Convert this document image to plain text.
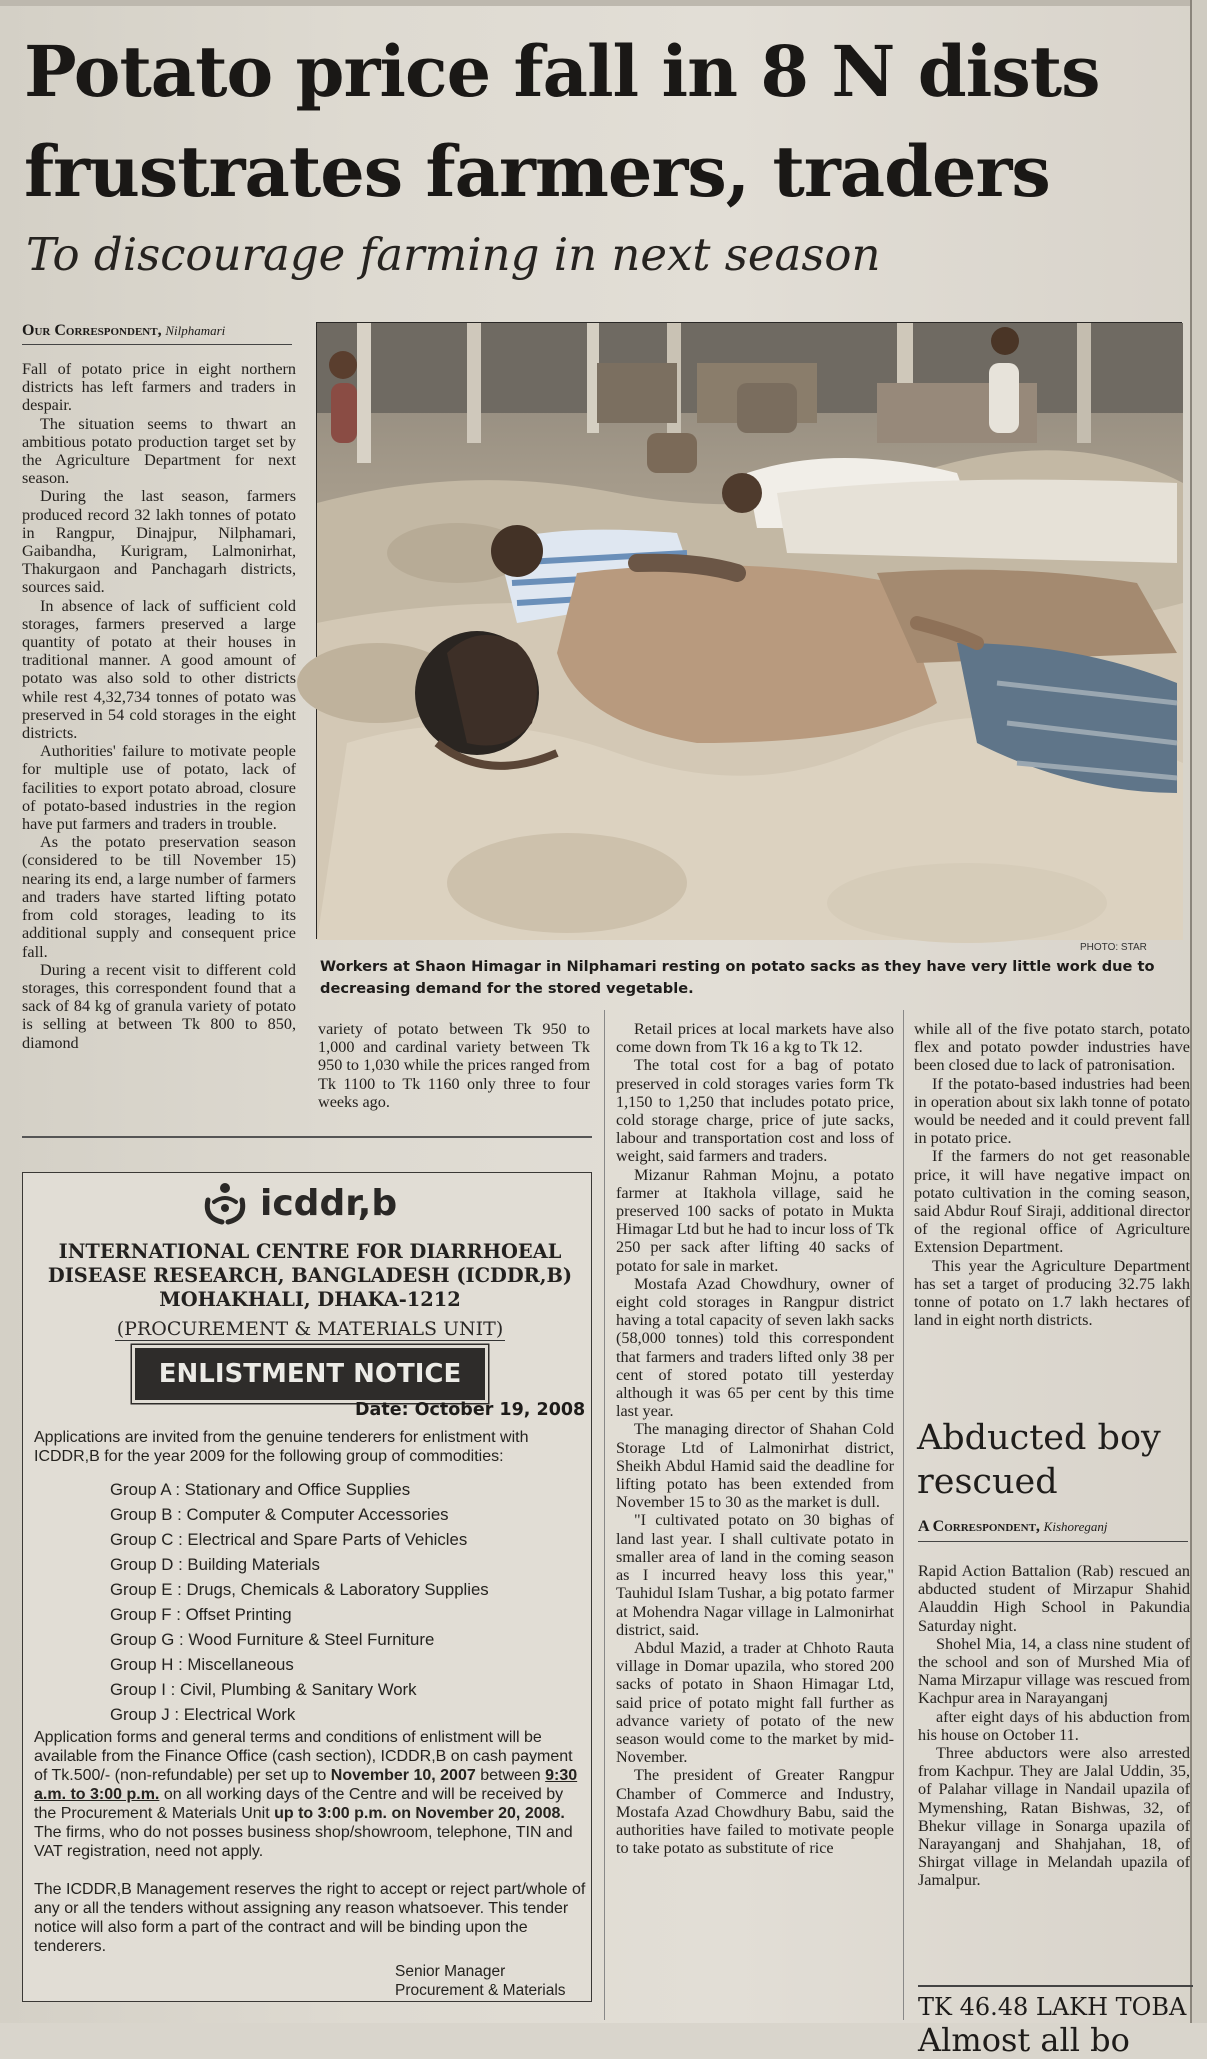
Potato price fall in 8 N dists
frustrates farmers, traders
To discourage farming in next season
Our Correspondent, Nilphamari

Fall of potato price in eight northern districts has left farmers and traders in despair.

The situation seems to thwart an ambitious potato production target set by the Agriculture Department for next season.

During the last season, farmers produced record 32 lakh tonnes of potato in Rangpur, Dinajpur, Nilphamari, Gaibandha, Kurigram, Lalmonirhat, Thakurgaon and Panchagarh districts, sources said.

In absence of lack of sufficient cold storages, farmers preserved a large quantity of potato at their houses in traditional manner. A good amount of potato was also sold to other districts while rest 4,32,734 tonnes of potato was preserved in 54 cold storages in the eight districts.

Authorities' failure to motivate people for multiple use of potato, lack of facilities to export potato abroad, closure of potato-based industries in the region have put farmers and traders in trouble.

As the potato preservation season (considered to be till November 15) nearing its end, a large number of farmers and traders have started lifting potato from cold storages, leading to its additional supply and consequent price fall.

During a recent visit to different cold storages, this correspondent found that a sack of 84 kg of granula variety of potato is selling at between Tk 800 to 850, diamond

PHOTO: STAR
Workers at Shaon Himagar in Nilphamari resting on potato sacks as they have very little work due to decreasing demand for the stored vegetable.

variety of potato between Tk 950 to 1,000 and cardinal variety between Tk 950 to 1,030 while the prices ranged from Tk 1100 to Tk 1160 only three to four weeks ago.

Retail prices at local markets have also come down from Tk 16 a kg to Tk 12.

The total cost for a bag of potato preserved in cold storages varies form Tk 1,150 to 1,250 that includes potato price, cold storage charge, price of jute sacks, labour and transportation cost and loss of weight, said farmers and traders.

Mizanur Rahman Mojnu, a potato farmer at Itakhola village, said he preserved 100 sacks of potato in Mukta Himagar Ltd but he had to incur loss of Tk 250 per sack after lifting 40 sacks of potato for sale in market.

Mostafa Azad Chowdhury, owner of eight cold storages in Rangpur district having a total capacity of seven lakh sacks (58,000 tonnes) told this correspondent that farmers and traders lifted only 38 per cent of stored potato till yesterday although it was 65 per cent by this time last year.

The managing director of Shahan Cold Storage Ltd of Lalmonirhat district, Sheikh Abdul Hamid said the deadline for lifting potato has been extended from November 15 to 30 as the market is dull.

"I cultivated potato on 30 bighas of land last year. I shall cultivate potato in smaller area of land in the coming season as I incurred heavy loss this year," Tauhidul Islam Tushar, a big potato farmer at Mohendra Nagar village in Lalmonirhat district, said.

Abdul Mazid, a trader at Chhoto Rauta village in Domar upazila, who stored 200 sacks of potato in Shaon Himagar Ltd, said price of potato might fall further as advance variety of potato of the new season would come to the market by mid-November.

The president of Greater Rangpur Chamber of Commerce and Industry, Mostafa Azad Chowdhury Babu, said the authorities have failed to motivate people to take potato as substitute of rice

while all of the five potato starch, potato flex and potato powder industries have been closed due to lack of patronisation.

If the potato-based industries had been in operation about six lakh tonne of potato would be needed and it could prevent fall in potato price.

If the farmers do not get reasonable price, it will have negative impact on potato cultivation in the coming season, said Abdur Rouf Siraji, additional director of the regional office of Agriculture Extension Department.

This year the Agriculture Department has set a target of producing 32.75 lakh tonne of potato on 1.7 lakh hectares of land in eight north districts.

Abducted boy rescued
A Correspondent, Kishoreganj

Rapid Action Battalion (Rab) rescued an abducted student of Mirzapur Shahid Alauddin High School in Pakundia Saturday night.

Shohel Mia, 14, a class nine student of the school and son of Murshed Mia of Nama Mirzapur village was rescued from Kachpur area in Narayanganj

after eight days of his abduction from his house on October 11.

Three abductors were also arrested from Kachpur. They are Jalal Uddin, 35, of Palahar village in Nandail upazila of Mymenshing, Ratan Bishwas, 32, of Bhekur village in Sonarga upazila of Narayanganj and Shahjahan, 18, of Shirgat village in Melandah upazila of Jamalpur.

TK 46.48 LAKH TOBA
Almost all bo
icddr,b
INTERNATIONAL CENTRE FOR DIARRHOEAL
DISEASE RESEARCH, BANGLADESH (ICDDR,B)
MOHAKHALI, DHAKA-1212
(PROCUREMENT & MATERIALS UNIT)
ENLISTMENT NOTICE
Date: October 19, 2008
Applications are invited from the genuine tenderers for enlistment with ICDDR,B for the year 2009 for the following group of commodities:
Group A : Stationary and Office Supplies
Group B : Computer & Computer Accessories
Group C : Electrical and Spare Parts of Vehicles
Group D : Building Materials
Group E : Drugs, Chemicals & Laboratory Supplies
Group F : Offset Printing
Group G : Wood Furniture & Steel Furniture
Group H : Miscellaneous
Group I : Civil, Plumbing & Sanitary Work
Group J : Electrical Work
Application forms and general terms and conditions of enlistment will be available from the Finance Office (cash section), ICDDR,B on cash payment of Tk.500/- (non-refundable) per set up to November 10, 2007 between 9:30 a.m. to 3:00 p.m. on all working days of the Centre and will be received by the Procurement & Materials Unit up to 3:00 p.m. on November 20, 2008. The firms, who do not posses business shop/showroom, telephone, TIN and VAT registration, need not apply.
The ICDDR,B Management reserves the right to accept or reject part/whole of any or all the tenders without assigning any reason whatsoever. This tender notice will also form a part of the contract and will be binding upon the tenderers.
Senior Manager
Procurement & Materials
